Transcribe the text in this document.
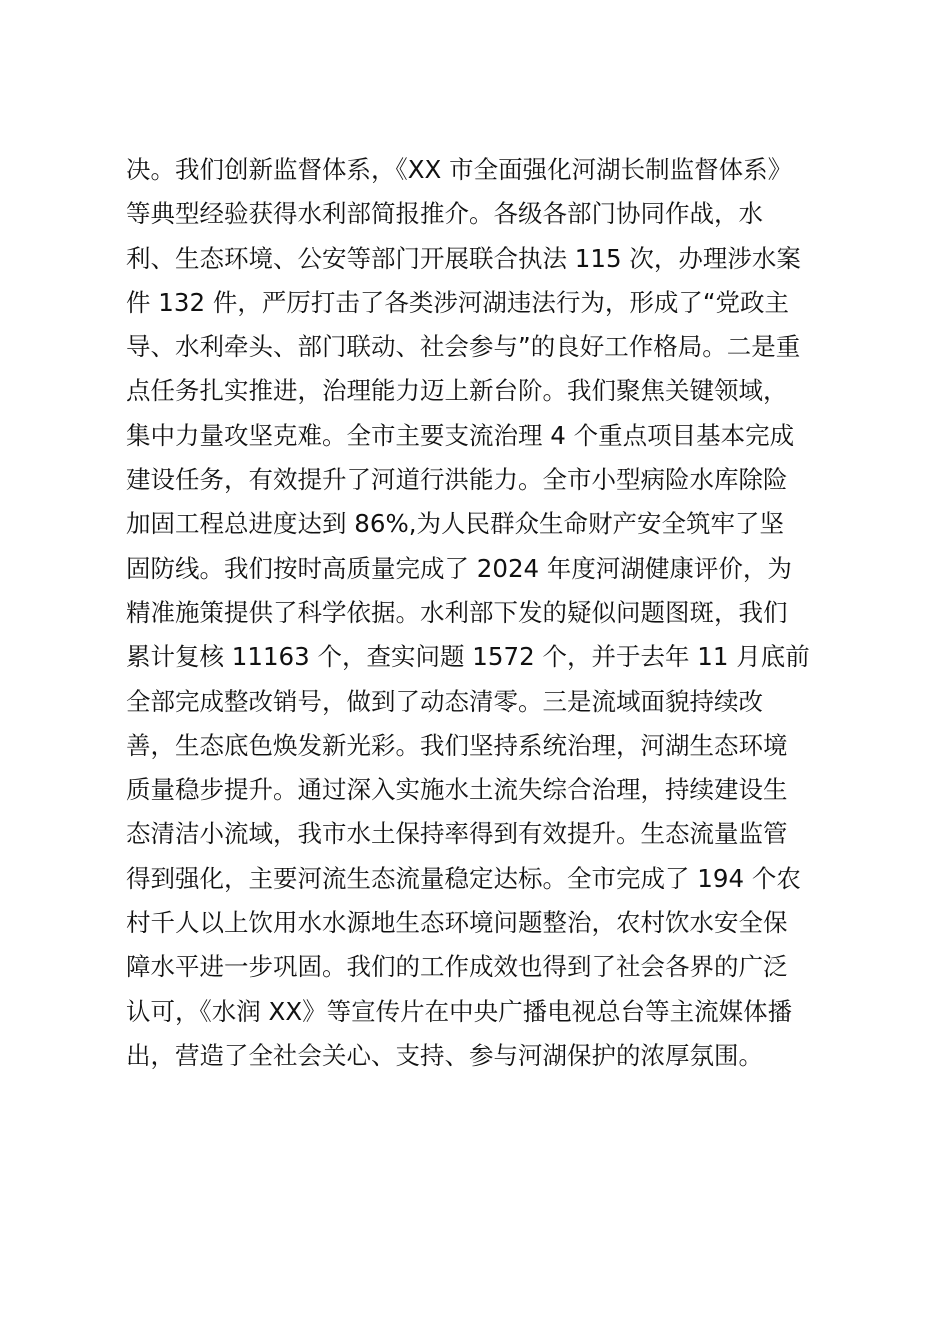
决。我们创新监督体系，《XX 市全面强化河湖长制监督体系》
等典型经验获得水利部简报推介。各级各部门协同作战，水
利、生态环境、公安等部门开展联合执法 115 次，办理涉水案
件 132 件，严厉打击了各类涉河湖违法行为，形成了“党政主
导、水利牵头、部门联动、社会参与”的良好工作格局。二是重
点任务扎实推进，治理能力迈上新台阶。我们聚焦关键领域，
集中力量攻坚克难。全市主要支流治理 4 个重点项目基本完成
建设任务，有效提升了河道行洪能力。全市小型病险水库除险
加固工程总进度达到 86%,为人民群众生命财产安全筑牢了坚
固防线。我们按时高质量完成了 2024 年度河湖健康评价，为
精准施策提供了科学依据。水利部下发的疑似问题图斑，我们
累计复核 11163 个，查实问题 1572 个，并于去年 11 月底前
全部完成整改销号，做到了动态清零。三是流域面貌持续改
善，生态底色焕发新光彩。我们坚持系统治理，河湖生态环境
质量稳步提升。通过深入实施水土流失综合治理，持续建设生
态清洁小流域，我市水土保持率得到有效提升。生态流量监管
得到强化，主要河流生态流量稳定达标。全市完成了 194 个农
村千人以上饮用水水源地生态环境问题整治，农村饮水安全保
障水平进一步巩固。我们的工作成效也得到了社会各界的广泛
认可，《水润 XX》等宣传片在中央广播电视总台等主流媒体播
出，营造了全社会关心、支持、参与河湖保护的浓厚氛围。
